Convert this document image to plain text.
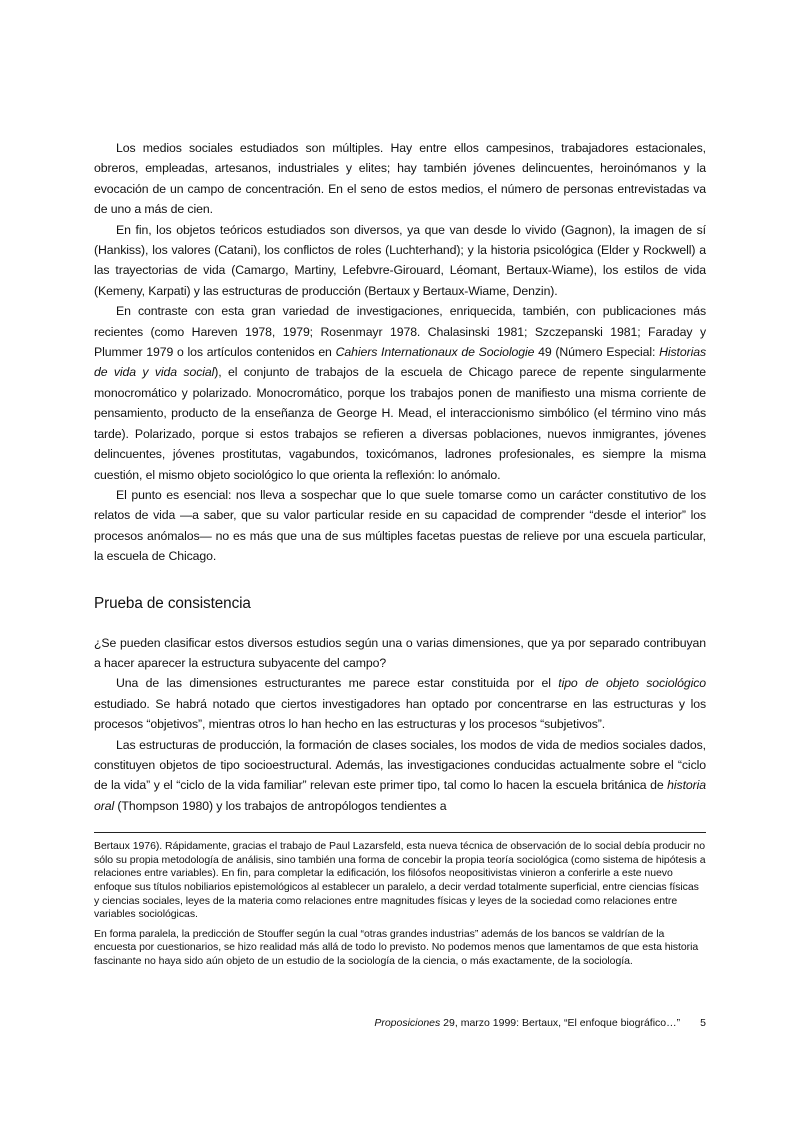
Los medios sociales estudiados son múltiples. Hay entre ellos campesinos, trabajadores estacionales, obreros, empleadas, artesanos, industriales y elites; hay también jóvenes delincuentes, heroinómanos y la evocación de un campo de concentración. En el seno de estos medios, el número de personas entrevistadas va de uno a más de cien.

En fin, los objetos teóricos estudiados son diversos, ya que van desde lo vivido (Gagnon), la imagen de sí (Hankiss), los valores (Catani), los conflictos de roles (Luchterhand); y la historia psicológica (Elder y Rockwell) a las trayectorias de vida (Camargo, Martiny, Lefebvre-Girouard, Léomant, Bertaux-Wiame), los estilos de vida (Kemeny, Karpati) y las estructuras de producción (Bertaux y Bertaux-Wiame, Denzin).

En contraste con esta gran variedad de investigaciones, enriquecida, también, con publicaciones más recientes (como Hareven 1978, 1979; Rosenmayr 1978. Chalasinski 1981; Szczepanski 1981; Faraday y Plummer 1979 o los artículos contenidos en Cahiers Internationaux de Sociologie 49 (Número Especial: Historias de vida y vida social), el conjunto de trabajos de la escuela de Chicago parece de repente singularmente monocromático y polarizado. Monocromático, porque los trabajos ponen de manifiesto una misma corriente de pensamiento, producto de la enseñanza de George H. Mead, el interaccionismo simbólico (el término vino más tarde). Polarizado, porque si estos trabajos se refieren a diversas poblaciones, nuevos inmigrantes, jóvenes delincuentes, jóvenes prostitutas, vagabundos, toxicómanos, ladrones profesionales, es siempre la misma cuestión, el mismo objeto sociológico lo que orienta la reflexión: lo anómalo.

El punto es esencial: nos lleva a sospechar que lo que suele tomarse como un carácter constitutivo de los relatos de vida —a saber, que su valor particular reside en su capacidad de comprender “desde el interior” los procesos anómalos— no es más que una de sus múltiples facetas puestas de relieve por una escuela particular, la escuela de Chicago.

Prueba de consistencia

¿Se pueden clasificar estos diversos estudios según una o varias dimensiones, que ya por separado contribuyan a hacer aparecer la estructura subyacente del campo?

Una de las dimensiones estructurantes me parece estar constituida por el tipo de objeto sociológico estudiado. Se habrá notado que ciertos investigadores han optado por concentrarse en las estructuras y los procesos “objetivos”, mientras otros lo han hecho en las estructuras y los procesos “subjetivos”.

Las estructuras de producción, la formación de clases sociales, los modos de vida de medios sociales dados, constituyen objetos de tipo socioestructural. Además, las investigaciones conducidas actualmente sobre el “ciclo de la vida” y el “ciclo de la vida familiar” relevan este primer tipo, tal como lo hacen la escuela británica de historia oral (Thompson 1980) y los trabajos de antropólogos tendientes a

Bertaux 1976). Rápidamente, gracias el trabajo de Paul Lazarsfeld, esta nueva técnica de observación de lo social debía producir no sólo su propia metodología de análisis, sino también una forma de concebir la propia teoría sociológica (como sistema de hipótesis a relaciones entre variables). En fin, para completar la edificación, los filósofos neopositivistas vinieron a conferirle a este nuevo enfoque sus títulos nobiliarios epistemológicos al establecer un paralelo, a decir verdad totalmente superficial, entre ciencias físicas y ciencias sociales, leyes de la materia como relaciones entre magnitudes físicas y leyes de la sociedad como relaciones entre variables sociológicas.

En forma paralela, la predicción de Stouffer según la cual “otras grandes industrias” además de los bancos se valdrían de la encuesta por cuestionarios, se hizo realidad más allá de todo lo previsto. No podemos menos que lamentamos de que esta historia fascinante no haya sido aún objeto de un estudio de la sociología de la ciencia, o más exactamente, de la sociología.

Proposiciones 29, marzo 1999: Bertaux, “El enfoque biográfico…” 5
